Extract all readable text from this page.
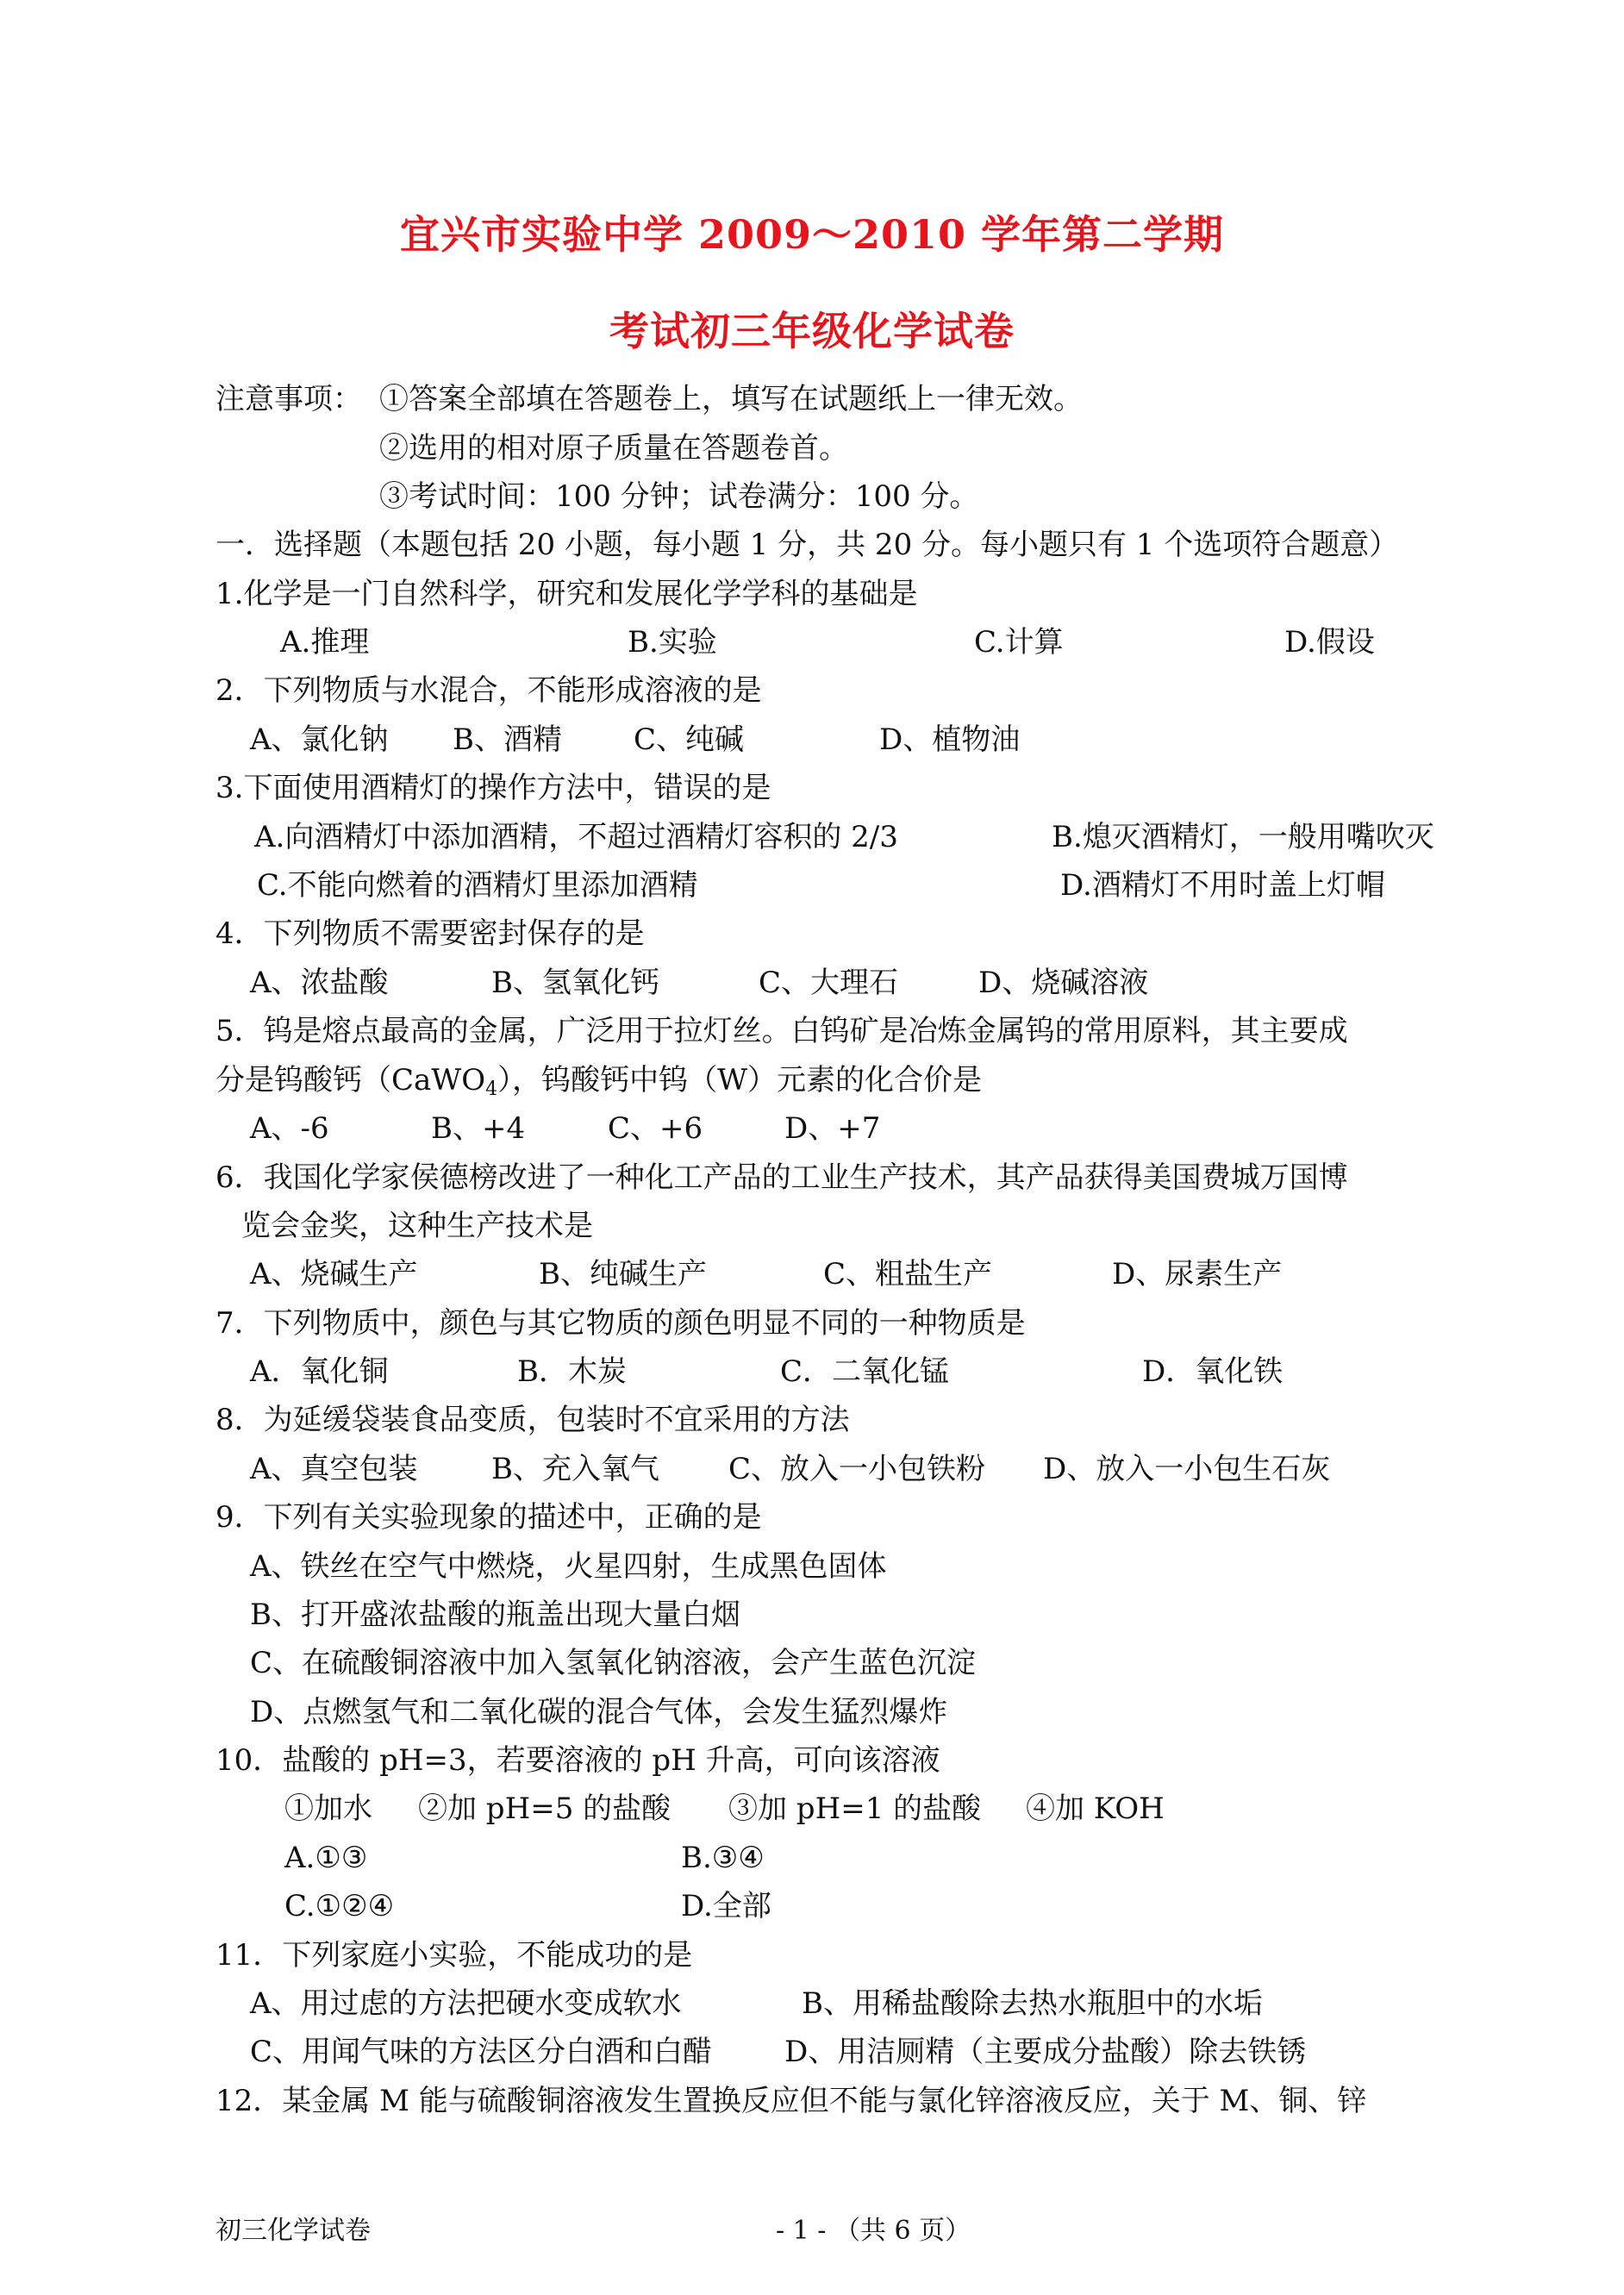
宜兴市实验中学 2009～2010 学年第二学期
考试初三年级化学试卷
注意事项： ①答案全部填在答题卷上，填写在试题纸上一律无效。
②选用的相对原子质量在答题卷首。
③考试时间：100 分钟；试卷满分：100 分。
一．选择题（本题包括 20 小题，每小题 1 分，共 20 分。每小题只有 1 个选项符合题意）
1.化学是一门自然科学，研究和发展化学学科的基础是
A.推理	B.实验	C.计算	D.假设
2．下列物质与水混合，不能形成溶液的是
A、氯化钠 B、酒精 C、纯碱	D、植物油
3.下面使用酒精灯的操作方法中，错误的是
A.向酒精灯中添加酒精，不超过酒精灯容积的 2/3	B.熄灭酒精灯，一般用嘴吹灭
C.不能向燃着的酒精灯里添加酒精	D.酒精灯不用时盖上灯帽
4．下列物质不需要密封保存的是
A、浓盐酸	B、氢氧化钙	C、大理石	D、烧碱溶液
5．钨是熔点最高的金属，广泛用于拉灯丝。白钨矿是冶炼金属钨的常用原料，其主要成
分是钨酸钙（CaWO$_4$），钨酸钙中钨（W）元素的化合价是
A、-6	B、+4	C、+6	D、+7
6．我国化学家侯德榜改进了一种化工产品的工业生产技术，其产品获得美国费城万国博
览会金奖，这种生产技术是
A、烧碱生产	B、纯碱生产	C、粗盐生产	D、尿素生产
7．下列物质中，颜色与其它物质的颜色明显不同的一种物质是
A．氧化铜	B．木炭	C．二氧化锰	D．氧化铁
8．为延缓袋装食品变质，包装时不宜采用的方法
A、真空包装	B、充入氧气 C、放入一小包铁粉 D、放入一小包生石灰
9．下列有关实验现象的描述中，正确的是
A、铁丝在空气中燃烧，火星四射，生成黑色固体
B、打开盛浓盐酸的瓶盖出现大量白烟
C、在硫酸铜溶液中加入氢氧化钠溶液，会产生蓝色沉淀
D、点燃氢气和二氧化碳的混合气体，会发生猛烈爆炸
10．盐酸的 pH=3，若要溶液的 pH 升高，可向该溶液
①加水 ②加 pH=5 的盐酸 ③加 pH=1 的盐酸 ④加 KOH
A.①③	B.③④
C.①②④	D.全部
11．下列家庭小实验，不能成功的是
A、用过虑的方法把硬水变成软水	B、用稀盐酸除去热水瓶胆中的水垢
C、用闻气味的方法区分白酒和白醋 D、用洁厕精（主要成分盐酸）除去铁锈
12．某金属 M 能与硫酸铜溶液发生置换反应但不能与氯化锌溶液反应，关于 M、铜、锌
初三化学试卷	- 1 - （共 6 页）
